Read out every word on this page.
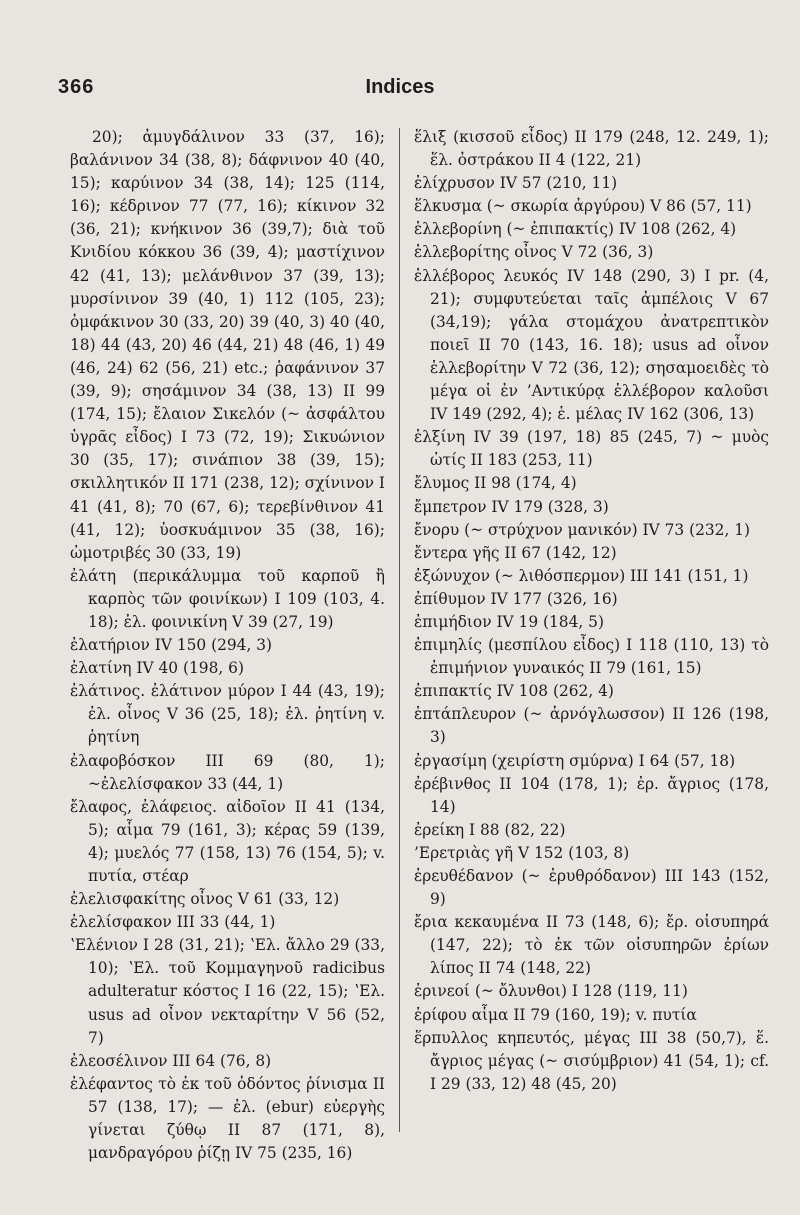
366	Indices

20); ἀμυγδάλινον 33 (37, 16); βαλάνινον 34 (38, 8); δάφνινον 40 (40, 15); καρύινον 34 (38, 14); 125 (114, 16); κέδρινον 77 (77, 16); κίκινον 32 (36, 21); κνήκινον 36 (39,7); διὰ τοῦ Κνιδίου κόκκου 36 (39, 4); μαστίχινον 42 (41, 13); μελάνθινον 37 (39, 13); μυρσίνινον 39 (40, 1) 112 (105, 23); ὀμφάκινον 30 (33, 20) 39 (40, 3) 40 (40, 18) 44 (43, 20) 46 (44, 21) 48 (46, 1) 49 (46, 24) 62 (56, 21) etc.; ῥαφάνινον 37 (39, 9); σησάμινον 34 (38, 13) II 99 (174, 15); ἔλαιον Σικελόν (~ ἀσφάλτου ὑγρᾶς εἶδος) I 73 (72, 19); Σικυώνιον 30 (35, 17); σινάπιον 38 (39, 15); σκιλλητικόν II 171 (238, 12); σχίνινον I 41 (41, 8); 70 (67, 6); τερεβίνθινον 41 (41, 12); ὑοσκυάμινον 35 (38, 16); ὠμοτριβές 30 (33, 19)

ἐλάτη (περικάλυμμα τοῦ καρποῦ ἢ καρπὸς τῶν φοινίκων) I 109 (103, 4. 18); ἐλ. φοινικίνη V 39 (27, 19)

ἐλατήριον IV 150 (294, 3)

ἐλατίνη IV 40 (198, 6)

ἐλάτινος. ἐλάτινον μύρον I 44 (43, 19); ἐλ. οἶνος V 36 (25, 18); ἐλ. ῥητίνη v. ῥητίνη

ἐλαφοβόσκον III 69 (80, 1); ~ἐλελίσφακον 33 (44, 1)

ἔλαφος, ἐλάφειος. αἰδοῖον II 41 (134, 5); αἷμα 79 (161, 3); κέρας 59 (139, 4); μυελός 77 (158, 13) 76 (154, 5); v. πυτία, στέαρ

ἐλελισφακίτης οἶνος V 61 (33, 12)

ἐλελίσφακον III 33 (44, 1)

ʽΕλένιον I 28 (31, 21); ʽΕλ. ἄλλο 29 (33, 10); ʽΕλ. τοῦ Κομμαγηνοῦ radicibus adulteratur κόστος I 16 (22, 15); ʽΕλ. usus ad οἶνον νεκταρίτην V 56 (52, 7)

ἐλεοσέλινον III 64 (76, 8)

ἐλέφαντος τὸ ἐκ τοῦ ὀδόντος ῥίνισμα II 57 (138, 17); — ἐλ. (ebur) εὐεργὴς γίνεται ζύθῳ II 87 (171, 8), μανδραγόρου ῥίζῃ IV 75 (235, 16)

ἕλιξ (κισσοῦ εἶδος) II 179 (248, 12. 249, 1); ἕλ. ὀστράκου II 4 (122, 21)

ἑλίχρυσον IV 57 (210, 11)

ἕλκυσμα (~ σκωρία ἀργύρου) V 86 (57, 11)

ἑλλεβορίνη (~ ἐπιπακτίς) IV 108 (262, 4)

ἑλλεβορίτης οἶνος V 72 (36, 3)

ἑλλέβορος λευκός IV 148 (290, 3) I pr. (4, 21); συμφυτεύεται ταῖς ἀμπέλοις V 67 (34,19); γάλα στομάχου ἀνατρεπτικὸν ποιεῖ II 70 (143, 16. 18); usus ad οἶνον ἑλλεβορίτην V 72 (36, 12); σησαμοειδὲς τὸ μέγα οἱ ἐν ’Αντικύρᾳ ἑλλέβορον καλοῦσι IV 149 (292, 4); ἑ. μέλας IV 162 (306, 13)

ἑλξίνη IV 39 (197, 18) 85 (245, 7) ~ μυὸς ὠτίς II 183 (253, 11)

ἔλυμος II 98 (174, 4)

ἔμπετρον IV 179 (328, 3)

ἔνορυ (~ στρύχνον μανικόν) IV 73 (232, 1)

ἔντερα γῆς II 67 (142, 12)

ἐξώνυχον (~ λιθόσπερμον) III 141 (151, 1)

ἐπίθυμον IV 177 (326, 16)

ἐπιμήδιον IV 19 (184, 5)

ἐπιμηλίς (μεσπίλου εἶδος) I 118 (110, 13) τὸ ἐπιμήνιον γυναικός II 79 (161, 15)

ἐπιπακτίς IV 108 (262, 4)

ἑπτάπλευρον (~ ἀρνόγλωσσον) II 126 (198, 3)

ἐργασίμη (χειρίστη σμύρνα) I 64 (57, 18)

ἐρέβινθος II 104 (178, 1); ἐρ. ἄγριος (178, 14)

ἐρείκη I 88 (82, 22)

’Ερετριὰς γῆ V 152 (103, 8)

ἐρευθέδανον (~ ἐρυθρόδανον) III 143 (152, 9)

ἔρια κεκαυμένα II 73 (148, 6); ἔρ. οἰσυπηρά (147, 22); τὸ ἐκ τῶν οἰσυπηρῶν ἐρίων λίπος II 74 (148, 22)

ἐρινεοί (~ ὄλυνθοι) I 128 (119, 11)

ἐρίφου αἷμα II 79 (160, 19); v. πυτία

ἕρπυλλος κηπευτός, μέγας III 38 (50,7), ἕ. ἄγριος μέγας (~ σισύμβριον) 41 (54, 1); cf. I 29 (33, 12) 48 (45, 20)
